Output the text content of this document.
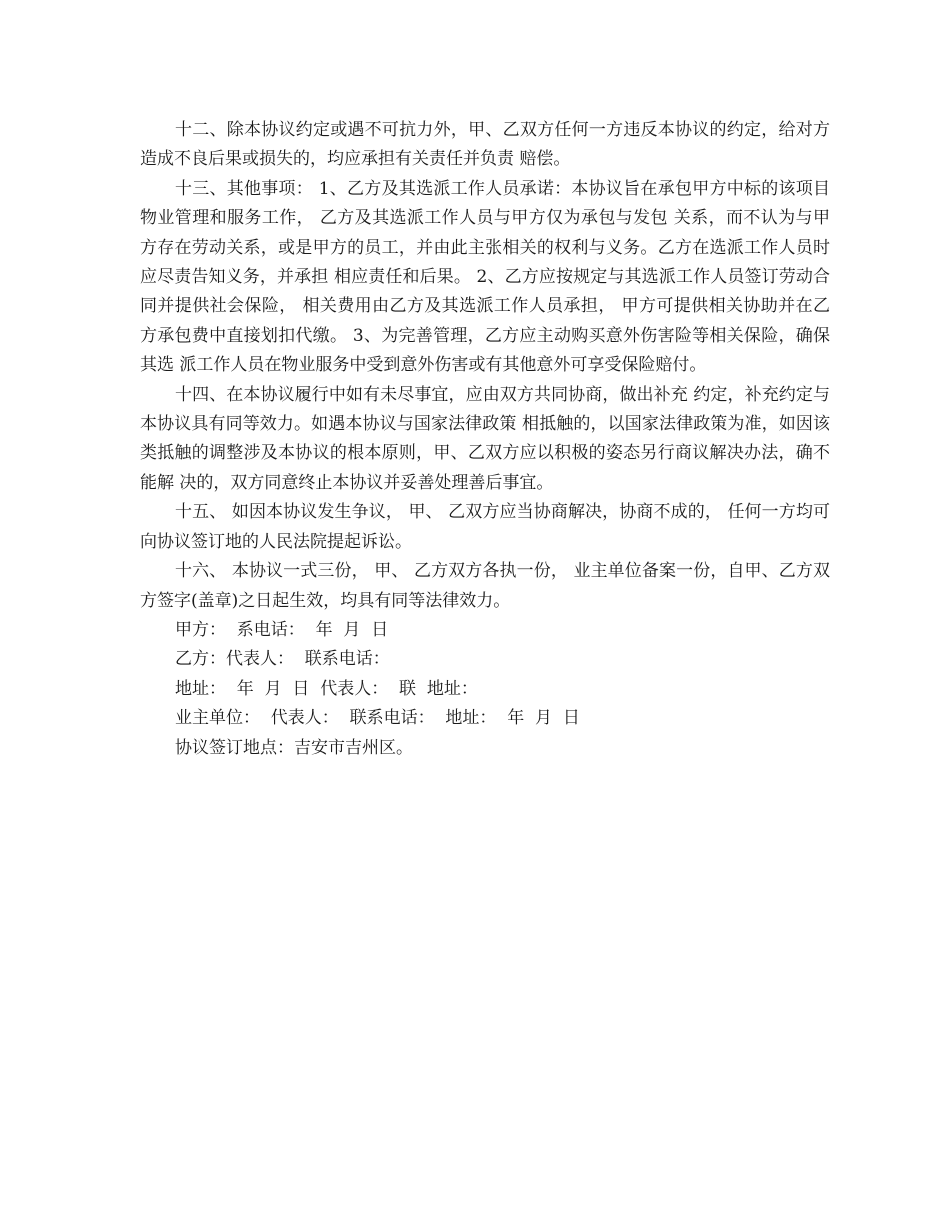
十二、除本协议约定或遇不可抗力外，甲、乙双方任何一方违反本协议的约定，给对方造成不良后果或损失的，均应承担有关责任并负责 赔偿。

十三、其他事项： 1、乙方及其选派工作人员承诺：本协议旨在承包甲方中标的该项目物业管理和服务工作， 乙方及其选派工作人员与甲方仅为承包与发包 关系，而不认为与甲方存在劳动关系，或是甲方的员工，并由此主张相关的权利与义务。乙方在选派工作人员时应尽责告知义务，并承担 相应责任和后果。 2、乙方应按规定与其选派工作人员签订劳动合同并提供社会保险， 相关费用由乙方及其选派工作人员承担， 甲方可提供相关协助并在乙方承包费中直接划扣代缴。 3、为完善管理，乙方应主动购买意外伤害险等相关保险，确保其选 派工作人员在物业服务中受到意外伤害或有其他意外可享受保险赔付。

十四、在本协议履行中如有未尽事宜，应由双方共同协商，做出补充 约定，补充约定与本协议具有同等效力。如遇本协议与国家法律政策 相抵触的，以国家法律政策为准，如因该类抵触的调整涉及本协议的根本原则，甲、乙双方应以积极的姿态另行商议解决办法，确不能解 决的，双方同意终止本协议并妥善处理善后事宜。

十五、 如因本协议发生争议， 甲、 乙双方应当协商解决，协商不成的， 任何一方均可向协议签订地的人民法院提起诉讼。

十六、 本协议一式三份， 甲、 乙方双方各执一份， 业主单位备案一份，自甲、乙方双方签字(盖章)之日起生效，均具有同等法律效力。

甲方：  系电话：  年  月  日

乙方：代表人：  联系电话：

地址：  年  月  日  代表人：  联  地址：

业主单位：  代表人：  联系电话：  地址：  年  月  日

协议签订地点：吉安市吉州区。
